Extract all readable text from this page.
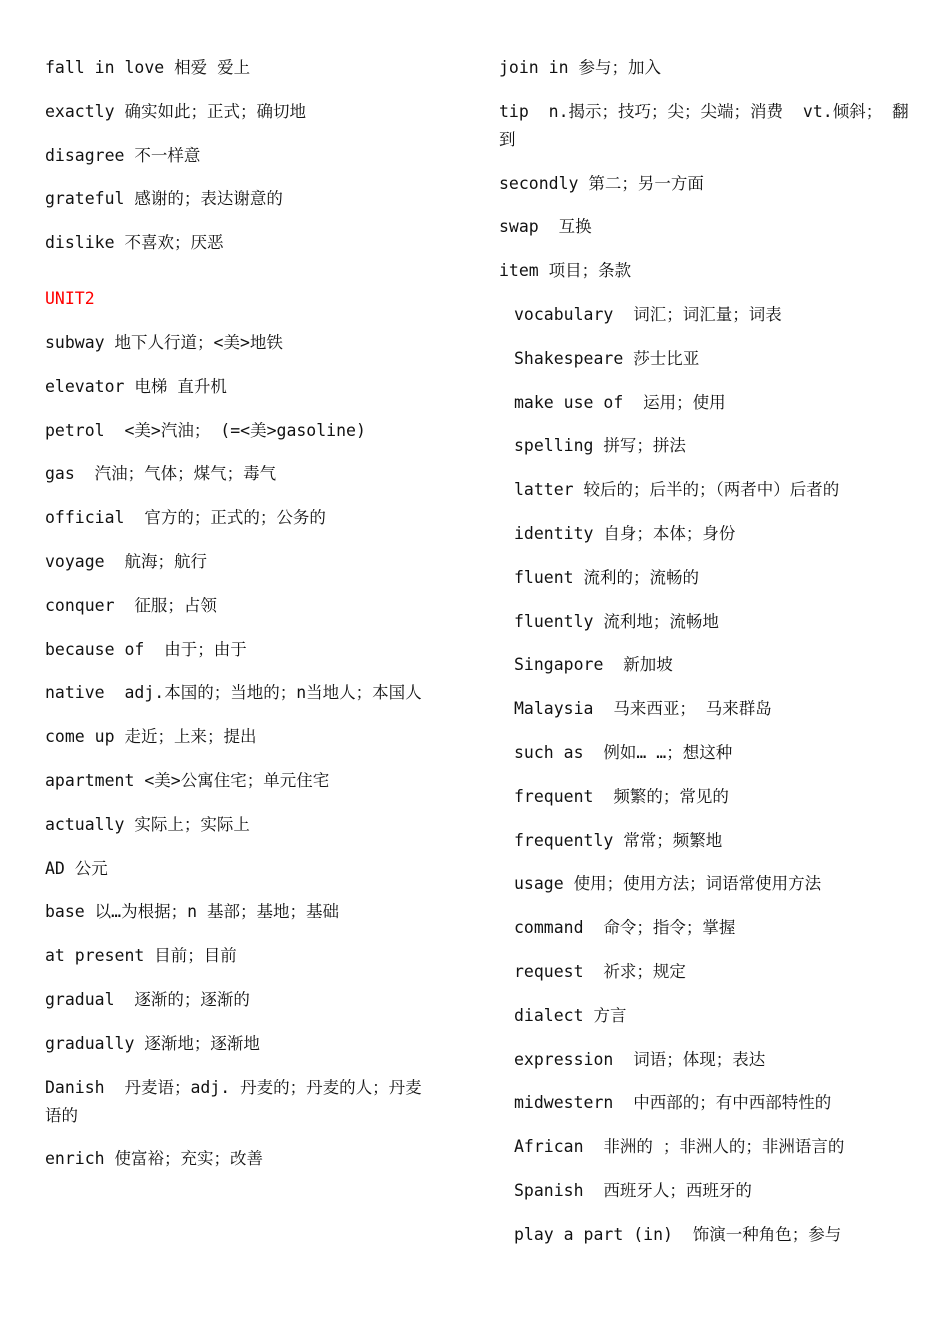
fall in love 相爱 爱上
exactly 确实如此；正式；确切地
disagree 不一样意
grateful 感谢的；表达谢意的
dislike 不喜欢；厌恶
UNIT2
subway 地下人行道；<美>地铁
elevator 电梯 直升机
petrol  <美>汽油； (=<美>gasoline)
gas  汽油；气体；煤气；毒气
official  官方的；正式的；公务的
voyage  航海；航行
conquer  征服；占领
because of  由于；由于
native  adj.本国的；当地的；n当地人；本国人
come up 走近；上来；提出
apartment <美>公寓住宅；单元住宅
actually 实际上；实际上
AD 公元
base 以…为根据；n 基部；基地；基础
at present 目前；目前
gradual  逐渐的；逐渐的
gradually 逐渐地；逐渐地
Danish  丹麦语；adj. 丹麦的；丹麦的人；丹麦语的
enrich 使富裕；充实；改善
join in 参与；加入
tip  n.揭示；技巧；尖；尖端；消费  vt.倾斜； 翻到
secondly 第二；另一方面
swap  互换
item 项目；条款
vocabulary  词汇；词汇量；词表
Shakespeare 莎士比亚
make use of  运用；使用
spelling 拼写；拼法
latter 较后的；后半的；（两者中）后者的
identity 自身；本体；身份
fluent 流利的；流畅的
fluently 流利地；流畅地
Singapore  新加坡
Malaysia  马来西亚； 马来群岛
such as  例如… …；想这种
frequent  频繁的；常见的
frequently 常常；频繁地
usage 使用；使用方法；词语常使用方法
command  命令；指令；掌握
request  祈求；规定
dialect 方言
expression  词语；体现；表达
midwestern  中西部的；有中西部特性的
African  非洲的 ；非洲人的；非洲语言的
Spanish  西班牙人；西班牙的
play a part (in)  饰演一种角色；参与
